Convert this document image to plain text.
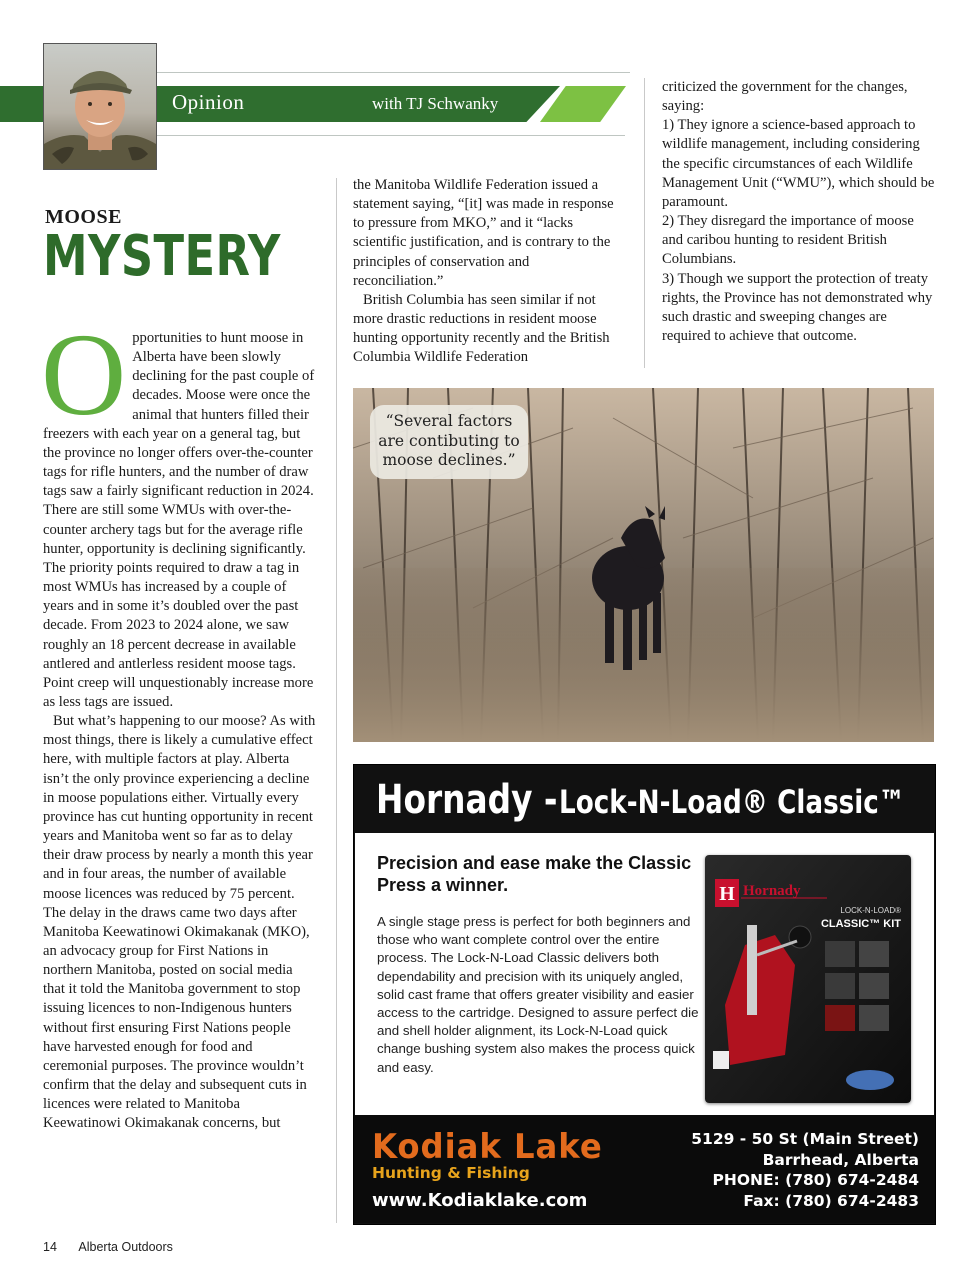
Opinion	with TJ Schwanky
MOOSE
MYSTERY

Opportunities to hunt moose in Alberta have been slowly declining for the past couple of decades. Moose were once the animal that hunters filled their freezers with each year on a general tag, but the province no longer offers over-the-counter tags for rifle hunters, and the number of draw tags saw a fairly significant reduction in 2024. There are still some WMUs with over-the-counter archery tags but for the average rifle hunter, opportunity is declining significantly. The priority points required to draw a tag in most WMUs has increased by a couple of years and in some it’s doubled over the past decade. From 2023 to 2024 alone, we saw roughly an 18 percent decrease in available antlered and antlerless resident moose tags. Point creep will unquestionably increase more as less tags are issued.

But what’s happening to our moose? As with most things, there is likely a cumulative effect here, with multiple factors at play. Alberta isn’t the only province experiencing a decline in moose populations either. Virtually every province has cut hunting opportunity in recent years and Manitoba went so far as to delay their draw process by nearly a month this year and in four areas, the number of available moose licences was reduced by 75 percent. The delay in the draws came two days after Manitoba Keewatinowi Okimakanak (MKO), an advocacy group for First Nations in northern Manitoba, posted on social media that it told the Manitoba government to stop issuing licences to non-Indigenous hunters without first ensuring First Nations people have harvested enough for food and ceremonial purposes. The province wouldn’t confirm that the delay and subsequent cuts in licences were related to Manitoba Keewatinowi Okimakanak concerns, but

the Manitoba Wildlife Federation issued a statement saying, “[it] was made in response to pressure from MKO,” and it “lacks scientific justification, and is contrary to the principles of conservation and reconciliation.”

British Columbia has seen similar if not more drastic reductions in resident moose hunting opportunity recently and the British Columbia Wildlife Federation

criticized the government for the changes, saying:

1) They ignore a science-based approach to wildlife management, including considering the specific circumstances of each Wildlife Management Unit (“WMU”), which should be paramount.

2) They disregard the importance of moose and caribou hunting to resident British Columbians.

3) Though we support the protection of treaty rights, the Province has not demonstrated why such drastic and sweeping changes are required to achieve that outcome.

“Several factors are contibuting to moose declines.”
Hornady - Lock-N-Load® Classic™
Precision and ease make the Classic Press a winner.
A single stage press is perfect for both beginners and those who want complete control over the entire process. The Lock-N-Load Classic delivers both dependability and precision with its uniquely angled, solid cast frame that offers greater visibility and easier access to the cartridge. Designed to assure perfect die and shell holder alignment, its Lock-N-Load quick change bushing system also makes the process quick and easy.
H Hornady
LOCK-N-LOAD®
CLASSIC™ KIT
Kodiak Lake
Hunting & Fishing
www.Kodiaklake.com
5129 - 50 St (Main Street)
Barrhead, Alberta
PHONE: (780) 674-2484
Fax: (780) 674-2483
14 Alberta Outdoors
